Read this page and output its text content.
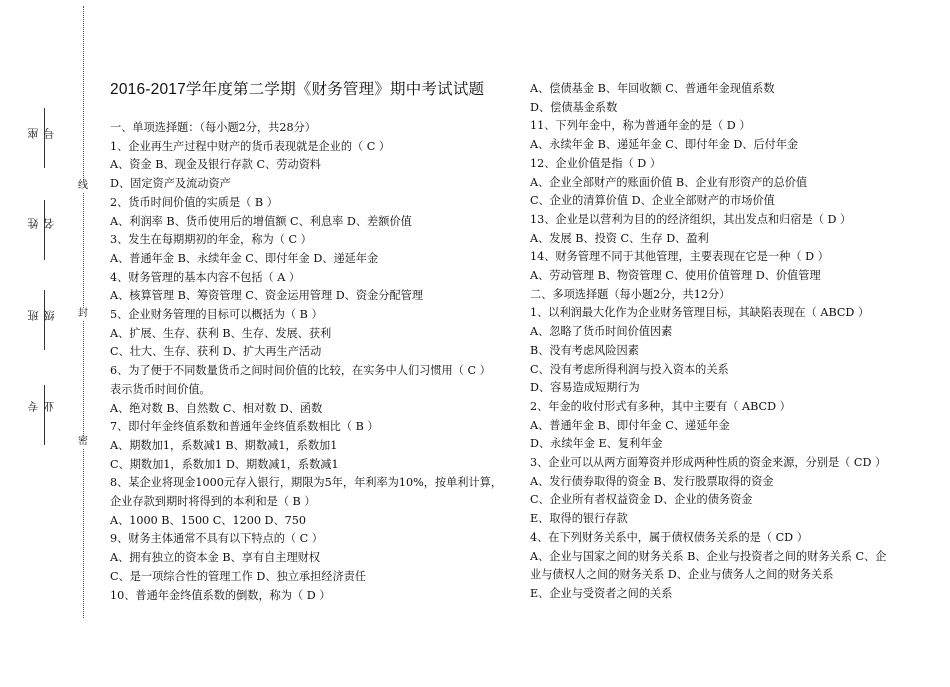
线
封
密
座号
姓名
班级
专业
2016-2017学年度第二学期《财务管理》期中考试试题
一、单项选择题：（每小题2分，共28分）
1、企业再生产过程中财产的货币表现就是企业的（ C ）
A、资金 B、现金及银行存款 C、劳动资料
D、固定资产及流动资产
2、货币时间价值的实质是（ B ）
A、利润率 B、货币使用后的增值额 C、利息率 D、差额价值
3、发生在每期期初的年金，称为（ C ）
A、普通年金 B、永续年金 C、即付年金 D、递延年金
4、财务管理的基本内容不包括（ A ）
A、核算管理 B、筹资管理 C、资金运用管理 D、资金分配管理
5、企业财务管理的目标可以概括为（ B ）
A、扩展、生存、获利 B、生存、发展、获利
C、壮大、生存、获利 D、扩大再生产活动
6、为了便于不同数量货币之间时间价值的比较，在实务中人们习惯用（ C ）
表示货币时间价值。
A、绝对数 B、自然数 C、相对数 D、函数
7、即付年金终值系数和普通年金终值系数相比（ B ）
A、期数加1，系数减1 B、期数减1，系数加1
C、期数加1，系数加1 D、期数减1，系数减1
8、某企业将现金1000元存入银行，期限为5年，年利率为10%，按单利计算，
企业存款到期时将得到的本利和是（ B ）
A、1000 B、1500 C、1200 D、750
9、财务主体通常不具有以下特点的（ C ）
A、拥有独立的资本金 B、享有自主理财权
C、是一项综合性的管理工作 D、独立承担经济责任
10、普通年金终值系数的倒数，称为（ D ）
A、偿债基金 B、年回收额 C、普通年金现值系数
D、偿债基金系数
11、下列年金中，称为普通年金的是（ D ）
A、永续年金 B、递延年金 C、即付年金 D、后付年金
12、企业价值是指（ D ）
A、企业全部财产的账面价值 B、企业有形资产的总价值
C、企业的清算价值 D、企业全部财产的市场价值
13、企业是以营利为目的的经济组织，其出发点和归宿是（ D ）
A、发展 B、投资 C、生存 D、盈利
14、财务管理不同于其他管理，主要表现在它是一种（ D ）
A、劳动管理 B、物资管理 C、使用价值管理 D、价值管理
二、多项选择题（每小题2分，共12分）
1、以利润最大化作为企业财务管理目标，其缺陷表现在（ ABCD ）
A、忽略了货币时间价值因素
B、没有考虑风险因素
C、没有考虑所得利润与投入资本的关系
D、容易造成短期行为
2、年金的收付形式有多种，其中主要有（ ABCD ）
A、普通年金 B、即付年金 C、递延年金
D、永续年金 E、复利年金
3、企业可以从两方面筹资并形成两种性质的资金来源，分别是（ CD ）
A、发行债券取得的资金 B、发行股票取得的资金
C、企业所有者权益资金 D、企业的债务资金
E、取得的银行存款
4、在下列财务关系中，属于债权债务关系的是（ CD ）
A、企业与国家之间的财务关系 B、企业与投资者之间的财务关系 C、企
业与债权人之间的财务关系 D、企业与债务人之间的财务关系
E、企业与受资者之间的关系
